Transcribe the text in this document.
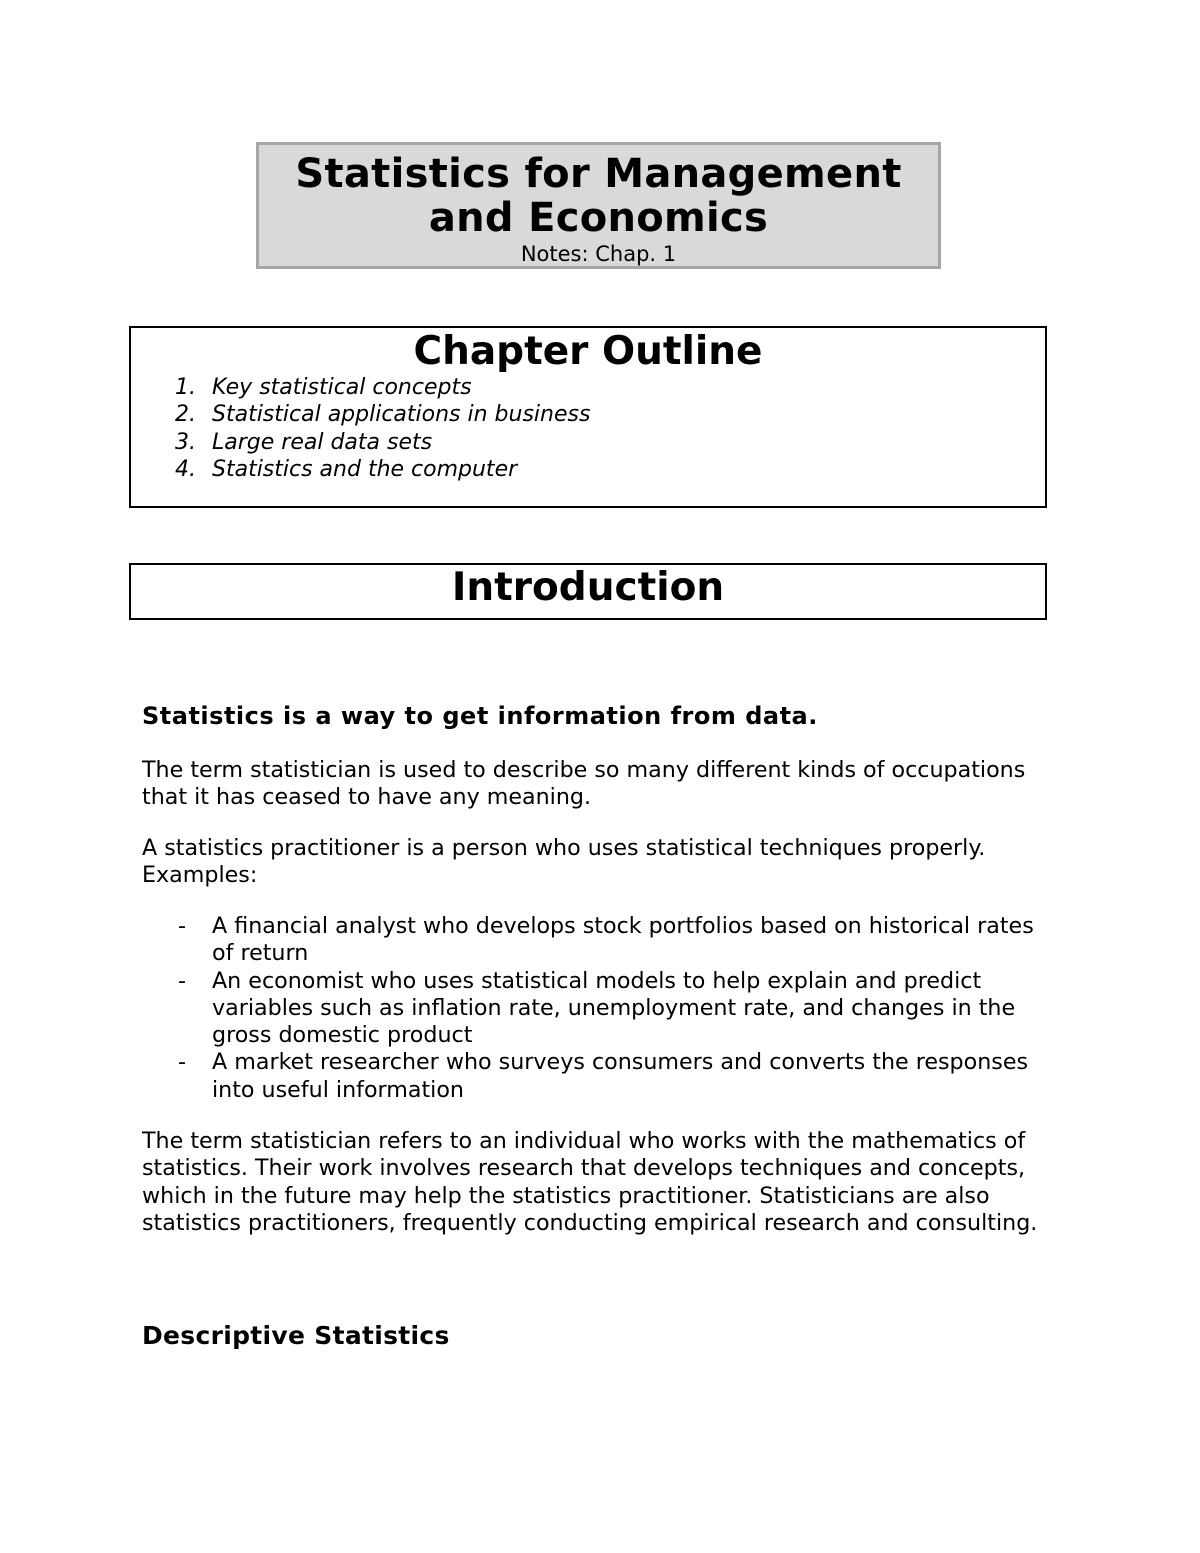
Statistics for Management
and Economics
Notes: Chap. 1
Chapter Outline
1. Key statistical concepts
2. Statistical applications in business
3. Large real data sets
4. Statistics and the computer
Introduction
Statistics is a way to get information from data.
The term statistician is used to describe so many different kinds of occupations that it has ceased to have any meaning.
A statistics practitioner is a person who uses statistical techniques properly.
Examples:
- A financial analyst who develops stock portfolios based on historical rates of return
- An economist who uses statistical models to help explain and predict variables such as inflation rate, unemployment rate, and changes in the gross domestic product
- A market researcher who surveys consumers and converts the responses into useful information
The term statistician refers to an individual who works with the mathematics of statistics. Their work involves research that develops techniques and concepts, which in the future may help the statistics practitioner. Statisticians are also statistics practitioners, frequently conducting empirical research and consulting.
Descriptive Statistics
